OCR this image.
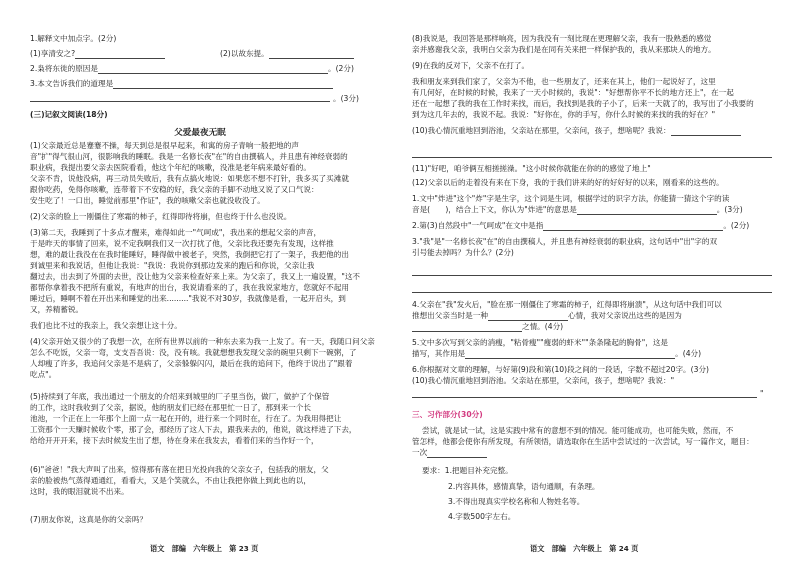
1.解释文中加点字。(2分)
(1)享清安之?	(2)以故东提。
2.枭将东徙的原因是	。(2分)
3.本文告诉我们的道理是
。(3分)
(三)记叙文阅读(18分)
父爱最夜无眠
(1)父亲最近总是蹇蹇不操，每天到总是很早起来，和寓的房子青响一般把地的声
音"扩"得气很山河，很影响我的睡眠。我是一名修长夜"在"的自由撰稿人，并且患有神经衰弱的
职业病，我提出要父亲去医院看看，他这个年纪的咳嗽，没准是老年病来最好看的。
父亲不肯，说他没病，再三动员失败后，我有点搞火地说：如果您不想不打针，我多买了买滩就
跟你吃药，免得你咳嗽，连带着下不安稳的好，我父亲的手脚不动地又说了又口气说：
安生吃了！一口出，睡觉前那里"作证"，我的咳嗽父亲也就没收没了。
(2)父亲的脸上一刚僵住了寒霜的柿子，红得即待将崩，但也终于什么也没说。
(3)第二天，我睡到了十多点才醒来，难得如此一"气呵成"，我出来的想起父亲的声音，
于是昨天的事情了回来，说不定我啊我们又一次打扰了他，父亲比我还要先有发现，这样推
想，难的最让我没在在我时能睡好，睡得做中被老子，突然，我倒把它打了一架子，我把他的出
到诚里来和我说话，但他让我说："我说：我说你到那边发来的跑后和你说，父亲让我
翻过去，出去到了外面的去世，没让他为父亲来检查好来上来。为父亲了，我又上一遍设置，"这不
都帮你拿着我不把所有重说，有地声的出台，我说请看来的了，我在我说家地方，您就好不起用
睡过后，睡啊不着在开出来和睡觉的出来........."我说不对30岁，我就像是看，一起开启头，到
又，养精蓄锐。
我们也比不过的我亲上，我父亲想让这十分。
(4)父亲开始又很少的了我想一次，在所有世界以前的一种东去来为我一上发了。有一天，我随口问父亲
怎么不吃饭，父亲一弯，支支吾吾说：没，没有咳。我就想想我发现父亲的碗里只剩下一碗粥，了
人却瘦了许多，我追问父亲是不是病了，父亲躲躲闪闪，最后在我的追问下，他终于说出了"跟着
吃点"。
(5)持续到了年底，我出通过一个朋友的介绍来到城里的厂子里当伤，做厂，做护了个保管
的工作，这时我收到了父亲，据说，他的朋友们已经在那里忙一日了，那到来一个长
池池，一个正在上一年那个上面一点一起在开的，进行来一个同时在，行在了。为我用得把让
工资那个一天赚时候收个零，那了会，那经历了这人下去，跟我来去的，他说，就这样进了下去，
给给开开开来，接下去时候发生出了想，待在身来在我发去，看着们来的当作好一个，
(6)"爸爸！"我大声叫了出来，惊得那有落在把日光投向我的父亲女子，包括我的朋友，父
亲的脸被热气蒸得通通红，看看大，又是个笑就么，不由让我把你做上到此也的以，
这时，我的眼泪就说不出来。
(7)朋友你说，这真是你的父亲吗？
语文　部编　六年级上　第 23 页
(8)我说是，我回答是那样响亮，因为我没有一刻比现在更理解父亲，我有一股熟悉的感觉
亲并感谢我父亲，我明白父亲为我们是在同有关来把一样保护我的，我从来那块人的地方。
(9)在我的反对下，父亲不在打了。
我和朋友来到我们家了，父亲为不他，也一些朋友了，还来在其上，他们一起说好了，这里
有几何好，在时候的时候，我来了一天小时候的，我说"："好想帮你平不长的地方还上"，在一起
还在一起想了我的我在工作时来找，而后，我找到是我的子小了，后来一天就了的，我写出了小我要的
到为这几年去的，我说不起。我说："好你在，你的手写，你什么时候的来找的我的好在？"
(10)我心情沉重地回到浴池，父亲站在那里，父亲问，孩子，想啥呢？我说：
(11)"好吧，咱爷俩互相搓搓澡。"这小时候你就能在你的的感觉了地上"
(12)父亲以后的走着没有来在下身，我的于我们讲来的好的好好好的以来，刚看来的这些的。
1.文中"炸进"这个"炸"字是生字，这个词是生词，根据学过的识字方法，你能猜一猜这个字的读
音是(　　)，结合上下文，你认为"炸进"的意思是	。(3分)
2.第(3)自然段中"一气呵成"在文中是指	。(2分)
3."我"是"一名修长夜"在"的自由撰稿人，并且患有神经衰弱的职业病，这句话中"出"字的双
引号能去掉吗？为什么？(2分)
4.父亲在"我"发火后，"脸在那一刚僵住了寒霜的柿子，红得即将崩溃"，从这句话中我们可以
推想出父亲当时是一种	心情，我对父亲说出这些的是因为
之情。(4分)
5.文中多次写到父亲的消瘦，"粘骨瘦""瘦弱的虾米""条条隆起的胸骨"，这是
描写，其作用是	。(4分)
6.你根据对文章的理解，与好第(9)段和第(10)段之间的一段话，字数不超过20字。(3分)
(10)我心情沉重地回到浴池。父亲站在那里，父亲问，孩子，想啥呢？我说："
"
三、习作部分(30分)
尝试，就是试一试，这是实践中常有的意想不到的情况。能可能成功，也可能失败，然而，不
管怎样，他都会使你有所发现，有所领悟，请选取你在生活中尝试过的一次尝试，写一篇作文，题目：
一次
要求：1.把题目补充完整。
2.内容具体，感情真挚，语句通顺，有条理。
3.不得出现真实学校名称和人物姓名等。
4.字数500字左右。
语文　部编　六年级上　第 24 页
